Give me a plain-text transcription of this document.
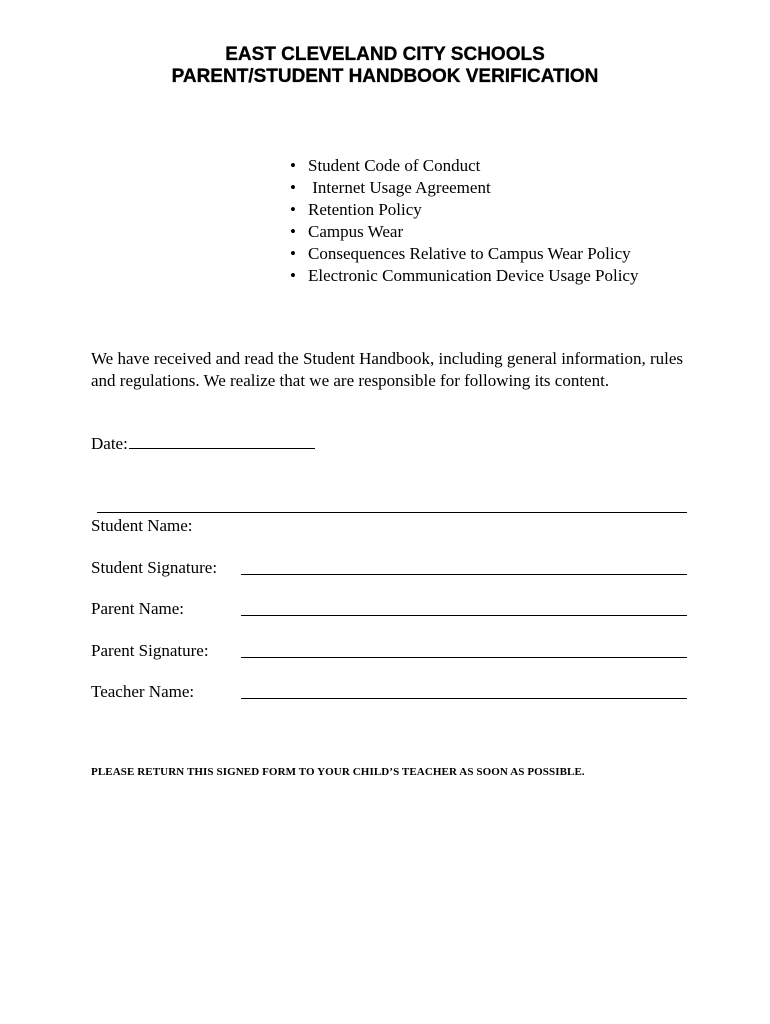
EAST CLEVELAND CITY SCHOOLS
PARENT/STUDENT HANDBOOK VERIFICATION
• Student Code of Conduct
• Internet Usage Agreement
• Retention Policy
• Campus Wear
• Consequences Relative to Campus Wear Policy
• Electronic Communication Device Usage Policy

We have received and read the Student Handbook, including general information, rules and regulations. We realize that we are responsible for following its content.

Date:
Student Name:
Student Signature:
Parent Name:
Parent Signature:
Teacher Name:
PLEASE RETURN THIS SIGNED FORM TO YOUR CHILD’S TEACHER AS SOON AS POSSIBLE.
